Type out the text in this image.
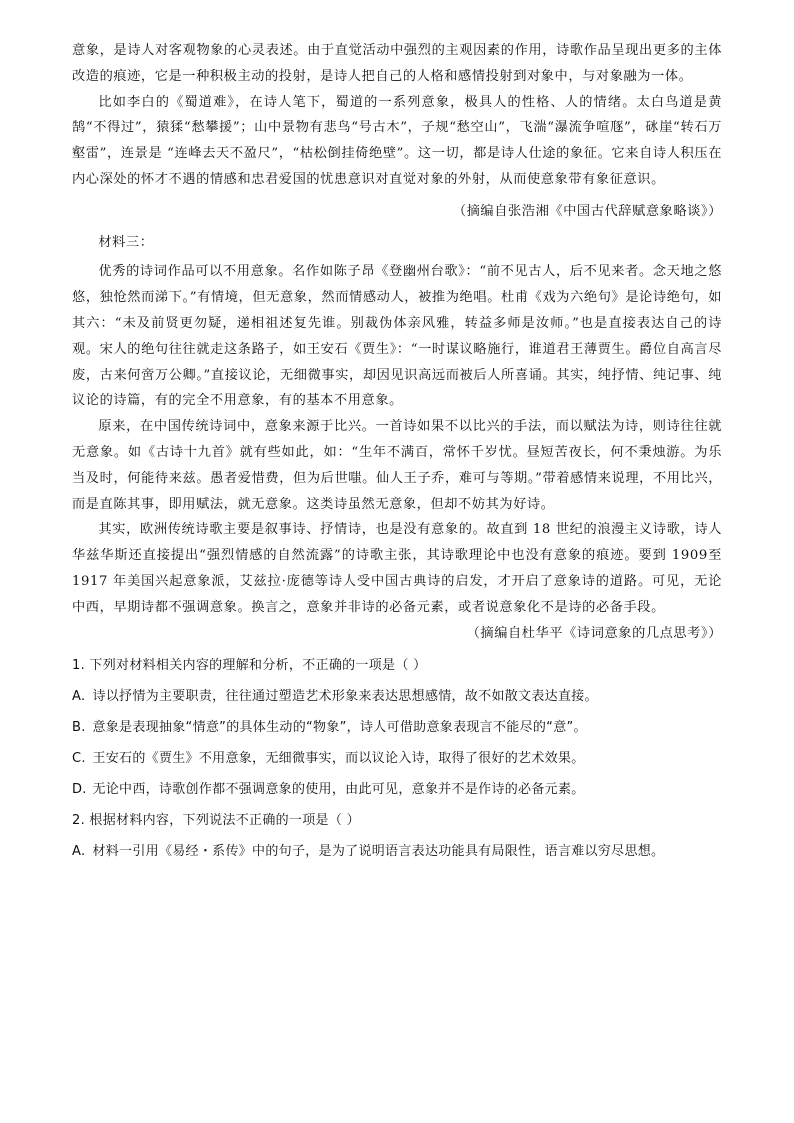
意象，是诗人对客观物象的心灵表述。由于直觉活动中强烈的主观因素的作用，诗歌作品呈现出更多的主体改造的痕迹，它是一种积极主动的投射，是诗人把自己的人格和感情投射到对象中，与对象融为一体。

比如李白的《蜀道难》，在诗人笔下，蜀道的一系列意象，极具人的性格、人的情绪。太白鸟道是黄鹄“不得过”，猿猱“愁攀援”；山中景物有悲鸟“号古木”，子规“愁空山”，飞湍“瀑流争喧豗”，砯崖“转石万壑雷”，连景是 “连峰去天不盈尺”，“枯松倒挂倚绝壁”。这一切，都是诗人仕途的象征。它来自诗人积压在内心深处的怀才不遇的情感和忠君爱国的忧患意识对直觉对象的外射，从而使意象带有象征意识。

（摘编自张浩湘《中国古代辞赋意象略谈》）

材料三：

优秀的诗词作品可以不用意象。名作如陈子昂《登幽州台歌》：“前不见古人，后不见来者。念天地之悠悠，独怆然而涕下。”有情境，但无意象，然而情感动人，被推为绝唱。杜甫《戏为六绝句》是论诗绝句，如其六：“未及前贤更勿疑，递相祖述复先谁。别裁伪体亲风雅，转益多师是汝师。”也是直接表达自己的诗观。宋人的绝句往往就走这条路子，如王安石《贾生》：“一时谋议略施行，谁道君王薄贾生。爵位自高言尽废，古来何啻万公卿。”直接议论，无细微事实，却因见识高远而被后人所喜诵。其实，纯抒情、纯记事、纯议论的诗篇，有的完全不用意象，有的基本不用意象。

原来，在中国传统诗词中，意象来源于比兴。一首诗如果不以比兴的手法，而以赋法为诗，则诗往往就无意象。如《古诗十九首》就有些如此，如：“生年不满百，常怀千岁忧。昼短苦夜长，何不秉烛游。为乐当及时，何能待来兹。愚者爱惜费，但为后世嗤。仙人王子乔，难可与等期。”带着感情来说理，不用比兴，而是直陈其事，即用赋法，就无意象。这类诗虽然无意象，但却不妨其为好诗。

其实，欧洲传统诗歌主要是叙事诗、抒情诗，也是没有意象的。故直到 18 世纪的浪漫主义诗歌，诗人华兹华斯还直接提出“强烈情感的自然流露”的诗歌主张，其诗歌理论中也没有意象的痕迹。要到 1909至 1917 年美国兴起意象派，艾兹拉·庞德等诗人受中国古典诗的启发，才开启了意象诗的道路。可见，无论中西，早期诗都不强调意象。换言之，意象并非诗的必备元素，或者说意象化不是诗的必备手段。

（摘编自杜华平《诗词意象的几点思考》）

1. 下列对材料相关内容的理解和分析，不正确的一项是（ ）

A. 诗以抒情为主要职责，往往通过塑造艺术形象来表达思想感情，故不如散文表达直接。

B. 意象是表现抽象“情意”的具体生动的“物象”，诗人可借助意象表现言不能尽的“意”。

C. 王安石的《贾生》不用意象，无细微事实，而以议论入诗，取得了很好的艺术效果。

D. 无论中西，诗歌创作都不强调意象的使用，由此可见，意象并不是作诗的必备元素。

2. 根据材料内容，下列说法不正确的一项是（ ）

A. 材料一引用《易经・系传》中的句子，是为了说明语言表达功能具有局限性，语言难以穷尽思想。
